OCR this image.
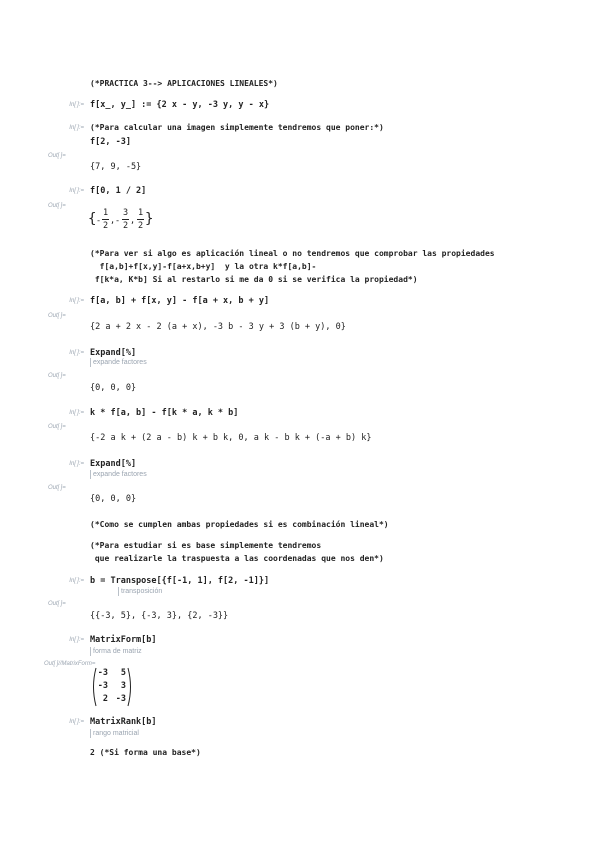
(*PRACTICA 3--> APLICACIONES LINEALES*)
In[ ]:= f[x_, y_] := {2 x - y, -3 y, y - x}
In[ ]:= (*Para calcular una imagen simplemente tendremos que poner:*)
f[2, -3]
Out[ ]=
{7, 9, -5}
In[ ]:= f[0, 1 / 2]
Out[ ]=
{ -
1
2 , -
3
2 ,
1
2 }
(*Para ver si algo es aplicación lineal o no tendremos que comprobar las propiedades
f[a,b]+f[x,y]-f[a+x,b+y]  y la otra k*f[a,b]-
f[k*a, K*b] Si al restarlo si me da 0 si se verifica la propiedad*)
In[ ]:= f[a, b] + f[x, y] - f[a + x, b + y]
Out[ ]=
{2 a + 2 x - 2 (a + x), -3 b - 3 y + 3 (b + y), 0}
In[ ]:= Expand[%]
expande factores
Out[ ]=
{0, 0, 0}
In[ ]:= k * f[a, b] - f[k * a, k * b]
Out[ ]=
{-2 a k + (2 a - b) k + b k, 0, a k - b k + (-a + b) k}
In[ ]:= Expand[%]
expande factores
Out[ ]=
{0, 0, 0}
(*Como se cumplen ambas propiedades si es combinación lineal*)
(*Para estudiar si es base simplemente tendremos
que realizarle la traspuesta a las coordenadas que nos den*)
In[ ]:= b = Transpose[{f[-1, 1], f[2, -1]}]
transposición
Out[ ]=
{{-3, 5}, {-3, 3}, {2, -3}}
In[ ]:= MatrixForm[b]
forma de matriz
Out[ ]//MatrixForm=
-3	5
-3	3
2 -3
In[ ]:= MatrixRank[b]
rango matricial
2 (*Si forma una base*)
